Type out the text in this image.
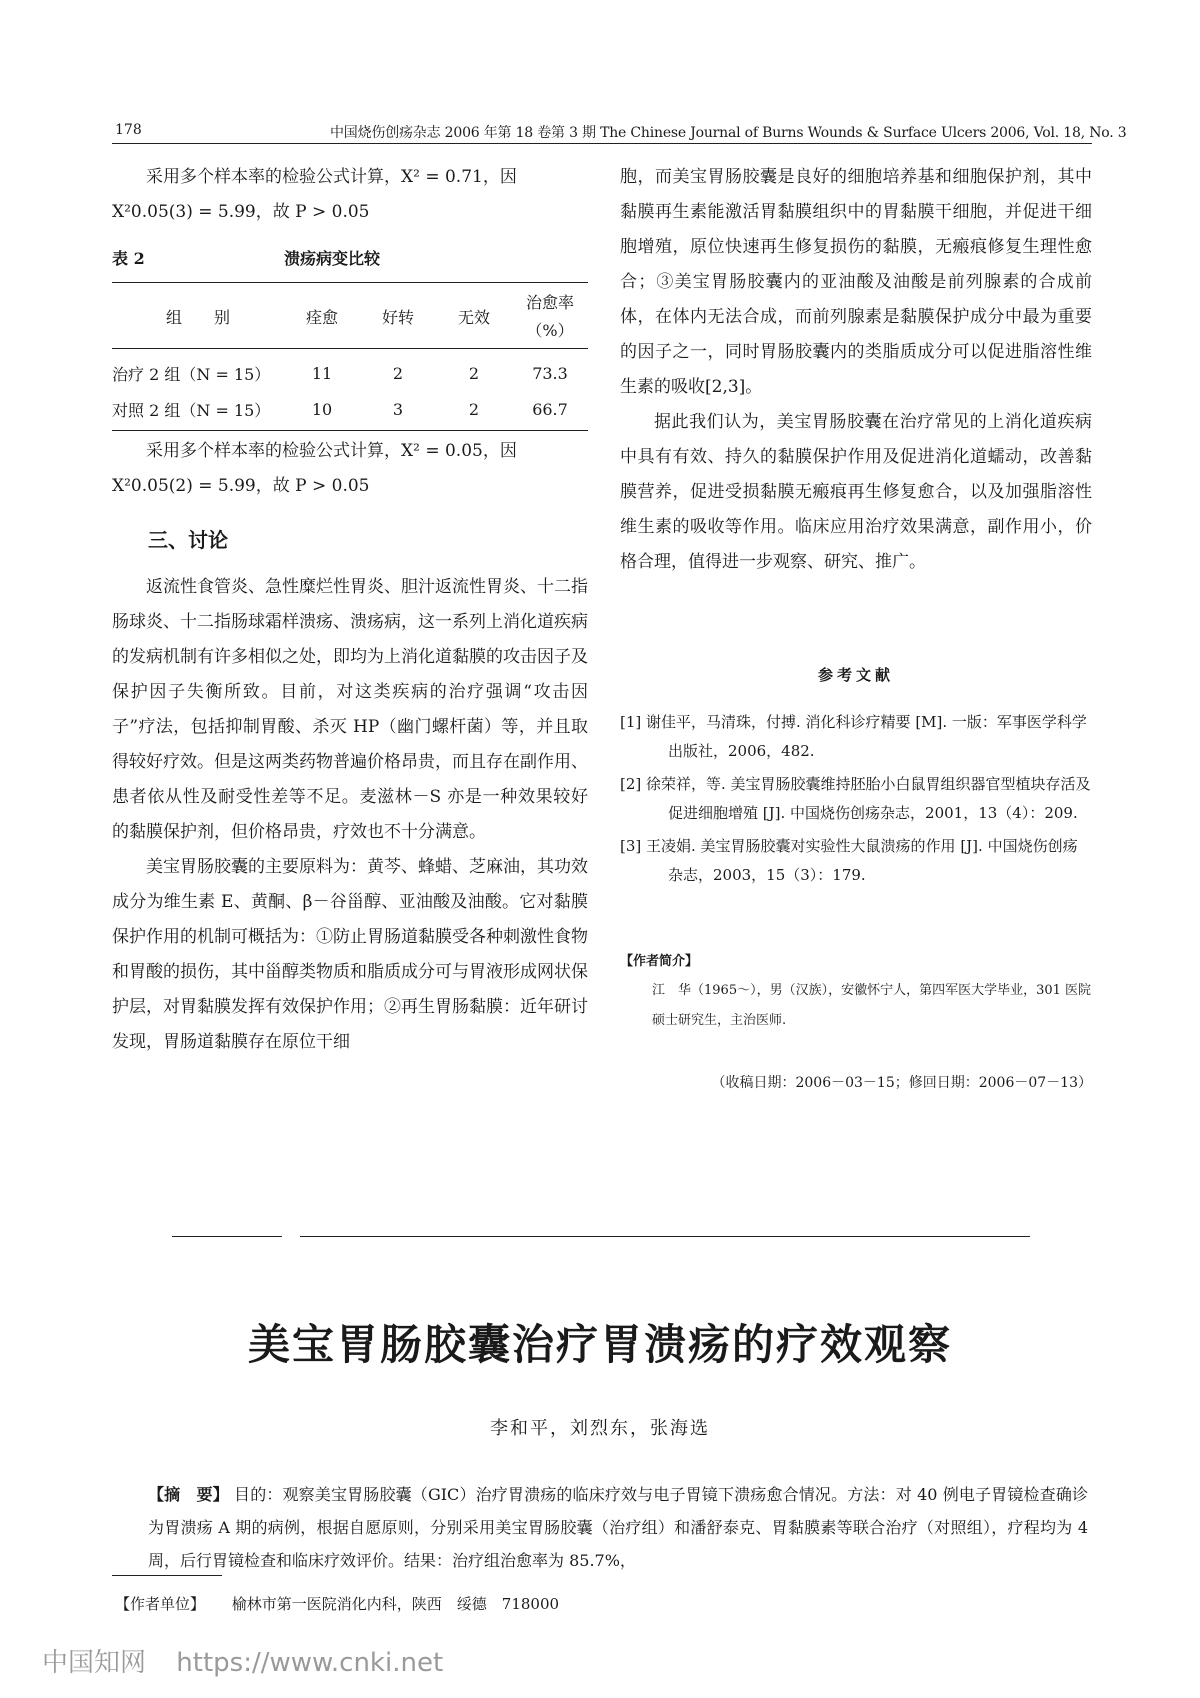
178	中国烧伤创疡杂志 2006 年第 18 卷第 3 期 The Chinese Journal of Burns Wounds & Surface Ulcers 2006, Vol. 18, No. 3

采用多个样本率的检验公式计算，X² = 0.71，因

X²0.05(3) = 5.99，故 P > 0.05

表 2	溃疡病变比较
组　　别	痊愈	好转	无效	治愈率
（%）

治疗 2 组（N = 15）	11	2	2	73.3
对照 2 组（N = 15）	10	3	2	66.7

采用多个样本率的检验公式计算，X² = 0.05，因

X²0.05(2) = 5.99，故 P > 0.05

三、讨论

返流性食管炎、急性糜烂性胃炎、胆汁返流性胃炎、十二指肠球炎、十二指肠球霜样溃疡、溃疡病，这一系列上消化道疾病的发病机制有许多相似之处，即均为上消化道黏膜的攻击因子及保护因子失衡所致。目前，对这类疾病的治疗强调“攻击因子”疗法，包括抑制胃酸、杀灭 HP（幽门螺杆菌）等，并且取得较好疗效。但是这两类药物普遍价格昂贵，而且存在副作用、患者依从性及耐受性差等不足。麦滋林－S 亦是一种效果较好的黏膜保护剂，但价格昂贵，疗效也不十分满意。

美宝胃肠胶囊的主要原料为：黄芩、蜂蜡、芝麻油，其功效成分为维生素 E、黄酮、β－谷甾醇、亚油酸及油酸。它对黏膜保护作用的机制可概括为：①防止胃肠道黏膜受各种刺激性食物和胃酸的损伤，其中甾醇类物质和脂质成分可与胃液形成网状保护层，对胃黏膜发挥有效保护作用；②再生胃肠黏膜：近年研讨发现，胃肠道黏膜存在原位干细

胞，而美宝胃肠胶囊是良好的细胞培养基和细胞保护剂，其中黏膜再生素能激活胃黏膜组织中的胃黏膜干细胞，并促进干细胞增殖，原位快速再生修复损伤的黏膜，无瘢痕修复生理性愈合；③美宝胃肠胶囊内的亚油酸及油酸是前列腺素的合成前体，在体内无法合成，而前列腺素是黏膜保护成分中最为重要的因子之一，同时胃肠胶囊内的类脂质成分可以促进脂溶性维生素的吸收[2,3]。

据此我们认为，美宝胃肠胶囊在治疗常见的上消化道疾病中具有有效、持久的黏膜保护作用及促进消化道蠕动，改善黏膜营养，促进受损黏膜无瘢痕再生修复愈合，以及加强脂溶性维生素的吸收等作用。临床应用治疗效果满意，副作用小，价格合理，值得进一步观察、研究、推广。

参考文献

[1] 谢佳平，马清珠，付搏. 消化科诊疗精要 [M]. 一版：军事医学科学出版社，2006，482.

[2] 徐荣祥，等. 美宝胃肠胶囊维持胚胎小白鼠胃组织器官型植块存活及促进细胞增殖 [J]. 中国烧伤创疡杂志，2001，13（4）：209.

[3] 王凌娟. 美宝胃肠胶囊对实验性大鼠溃疡的作用 [J]. 中国烧伤创疡杂志，2003，15（3）：179.

【作者简介】
江　华（1965～），男（汉族），安徽怀宁人，第四军医大学毕业，301 医院硕士研究生，主治医师.
（收稿日期：2006－03－15；修回日期：2006－07－13）
美宝胃肠胶囊治疗胃溃疡的疗效观察
李和平，刘烈东，张海选
【摘　要】 目的：观察美宝胃肠胶囊（GIC）治疗胃溃疡的临床疗效与电子胃镜下溃疡愈合情况。方法：对 40 例电子胃镜检查确诊为胃溃疡 A 期的病例，根据自愿原则，分别采用美宝胃肠胶囊（治疗组）和潘舒泰克、胃黏膜素等联合治疗（对照组），疗程均为 4 周，后行胃镜检查和临床疗效评价。结果：治疗组治愈率为 85.7%，
【作者单位】 榆林市第一医院消化内科，陕西　绥德　718000
中国知网 https://www.cnki.net
